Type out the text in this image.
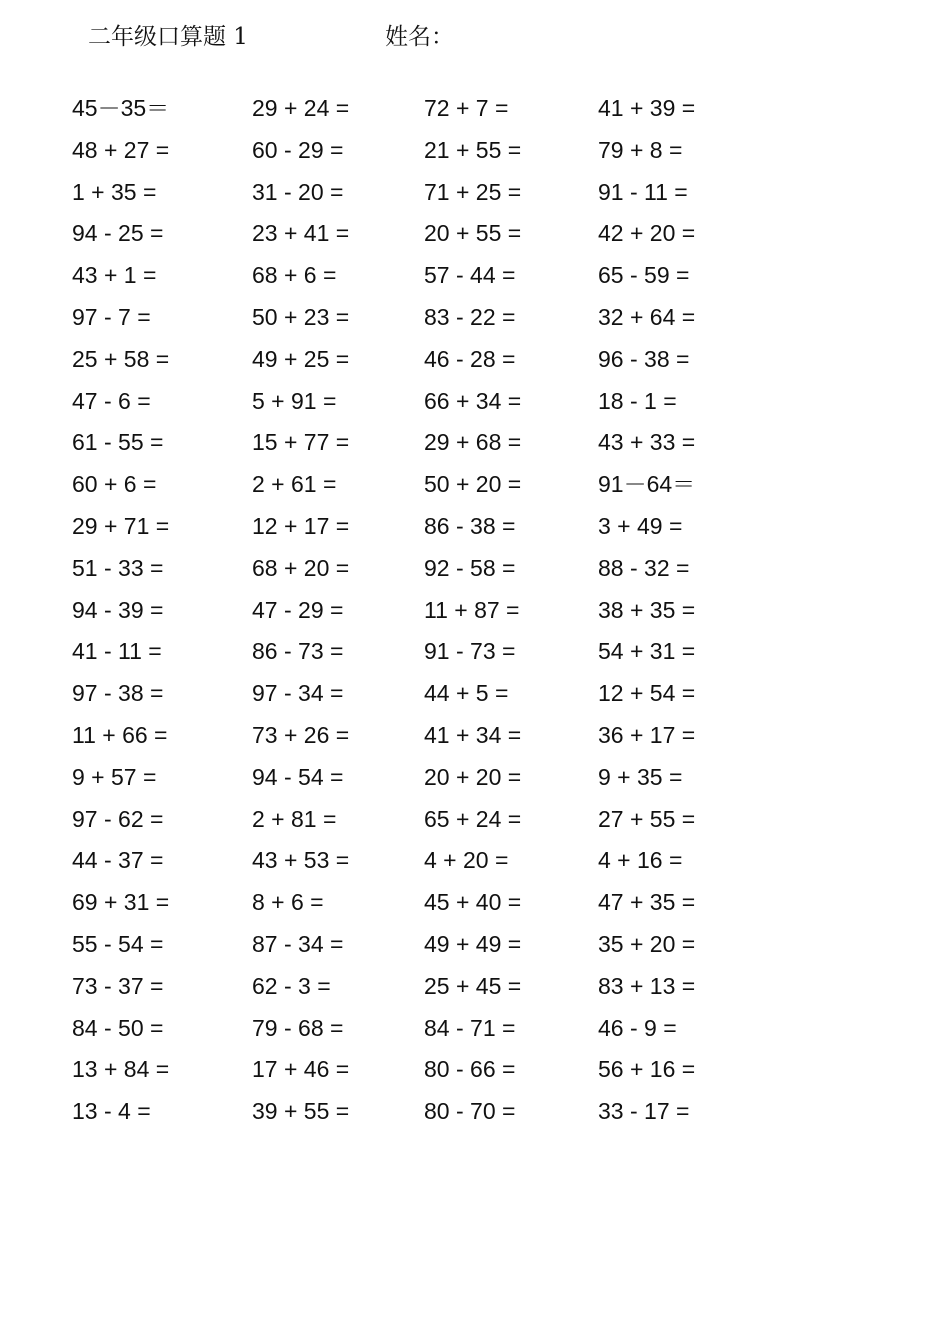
二年级口算题 1	姓名：
45－35＝	29 + 24 =	72 + 7 =	41 + 39 =
48 + 27 =	60 - 29 =	21 + 55 =	79 + 8 =
1 + 35 =	31 - 20 =	71 + 25 =	91 - 11 =
94 - 25 =	23 + 41 =	20 + 55 =	42 + 20 =
43 + 1 =	68 + 6 =	57 - 44 =	65 - 59 =
97 - 7 =	50 + 23 =	83 - 22 =	32 + 64 =
25 + 58 =	49 + 25 =	46 - 28 =	96 - 38 =
47 - 6 =	5 + 91 =	66 + 34 =	18 - 1 =
61 - 55 =	15 + 77 =	29 + 68 =	43 + 33 =
60 + 6 =	2 + 61 =	50 + 20 =	91－64＝
29 + 71 =	12 + 17 =	86 - 38 =	3 + 49 =
51 - 33 =	68 + 20 =	92 - 58 =	88 - 32 =
94 - 39 =	47 - 29 =	11 + 87 =	38 + 35 =
41 - 11 =	86 - 73 =	91 - 73 =	54 + 31 =
97 - 38 =	97 - 34 =	44 + 5 =	12 + 54 =
11 + 66 =	73 + 26 =	41 + 34 =	36 + 17 =
9 + 57 =	94 - 54 =	20 + 20 =	9 + 35 =
97 - 62 =	2 + 81 =	65 + 24 =	27 + 55 =
44 - 37 =	43 + 53 =	4 + 20 =	4 + 16 =
69 + 31 =	8 + 6 =	45 + 40 =	47 + 35 =
55 - 54 =	87 - 34 =	49 + 49 =	35 + 20 =
73 - 37 =	62 - 3 =	25 + 45 =	83 + 13 =
84 - 50 =	79 - 68 =	84 - 71 =	46 - 9 =
13 + 84 =	17 + 46 =	80 - 66 =	56 + 16 =
13 - 4 =	39 + 55 =	80 - 70 =	33 - 17 =
